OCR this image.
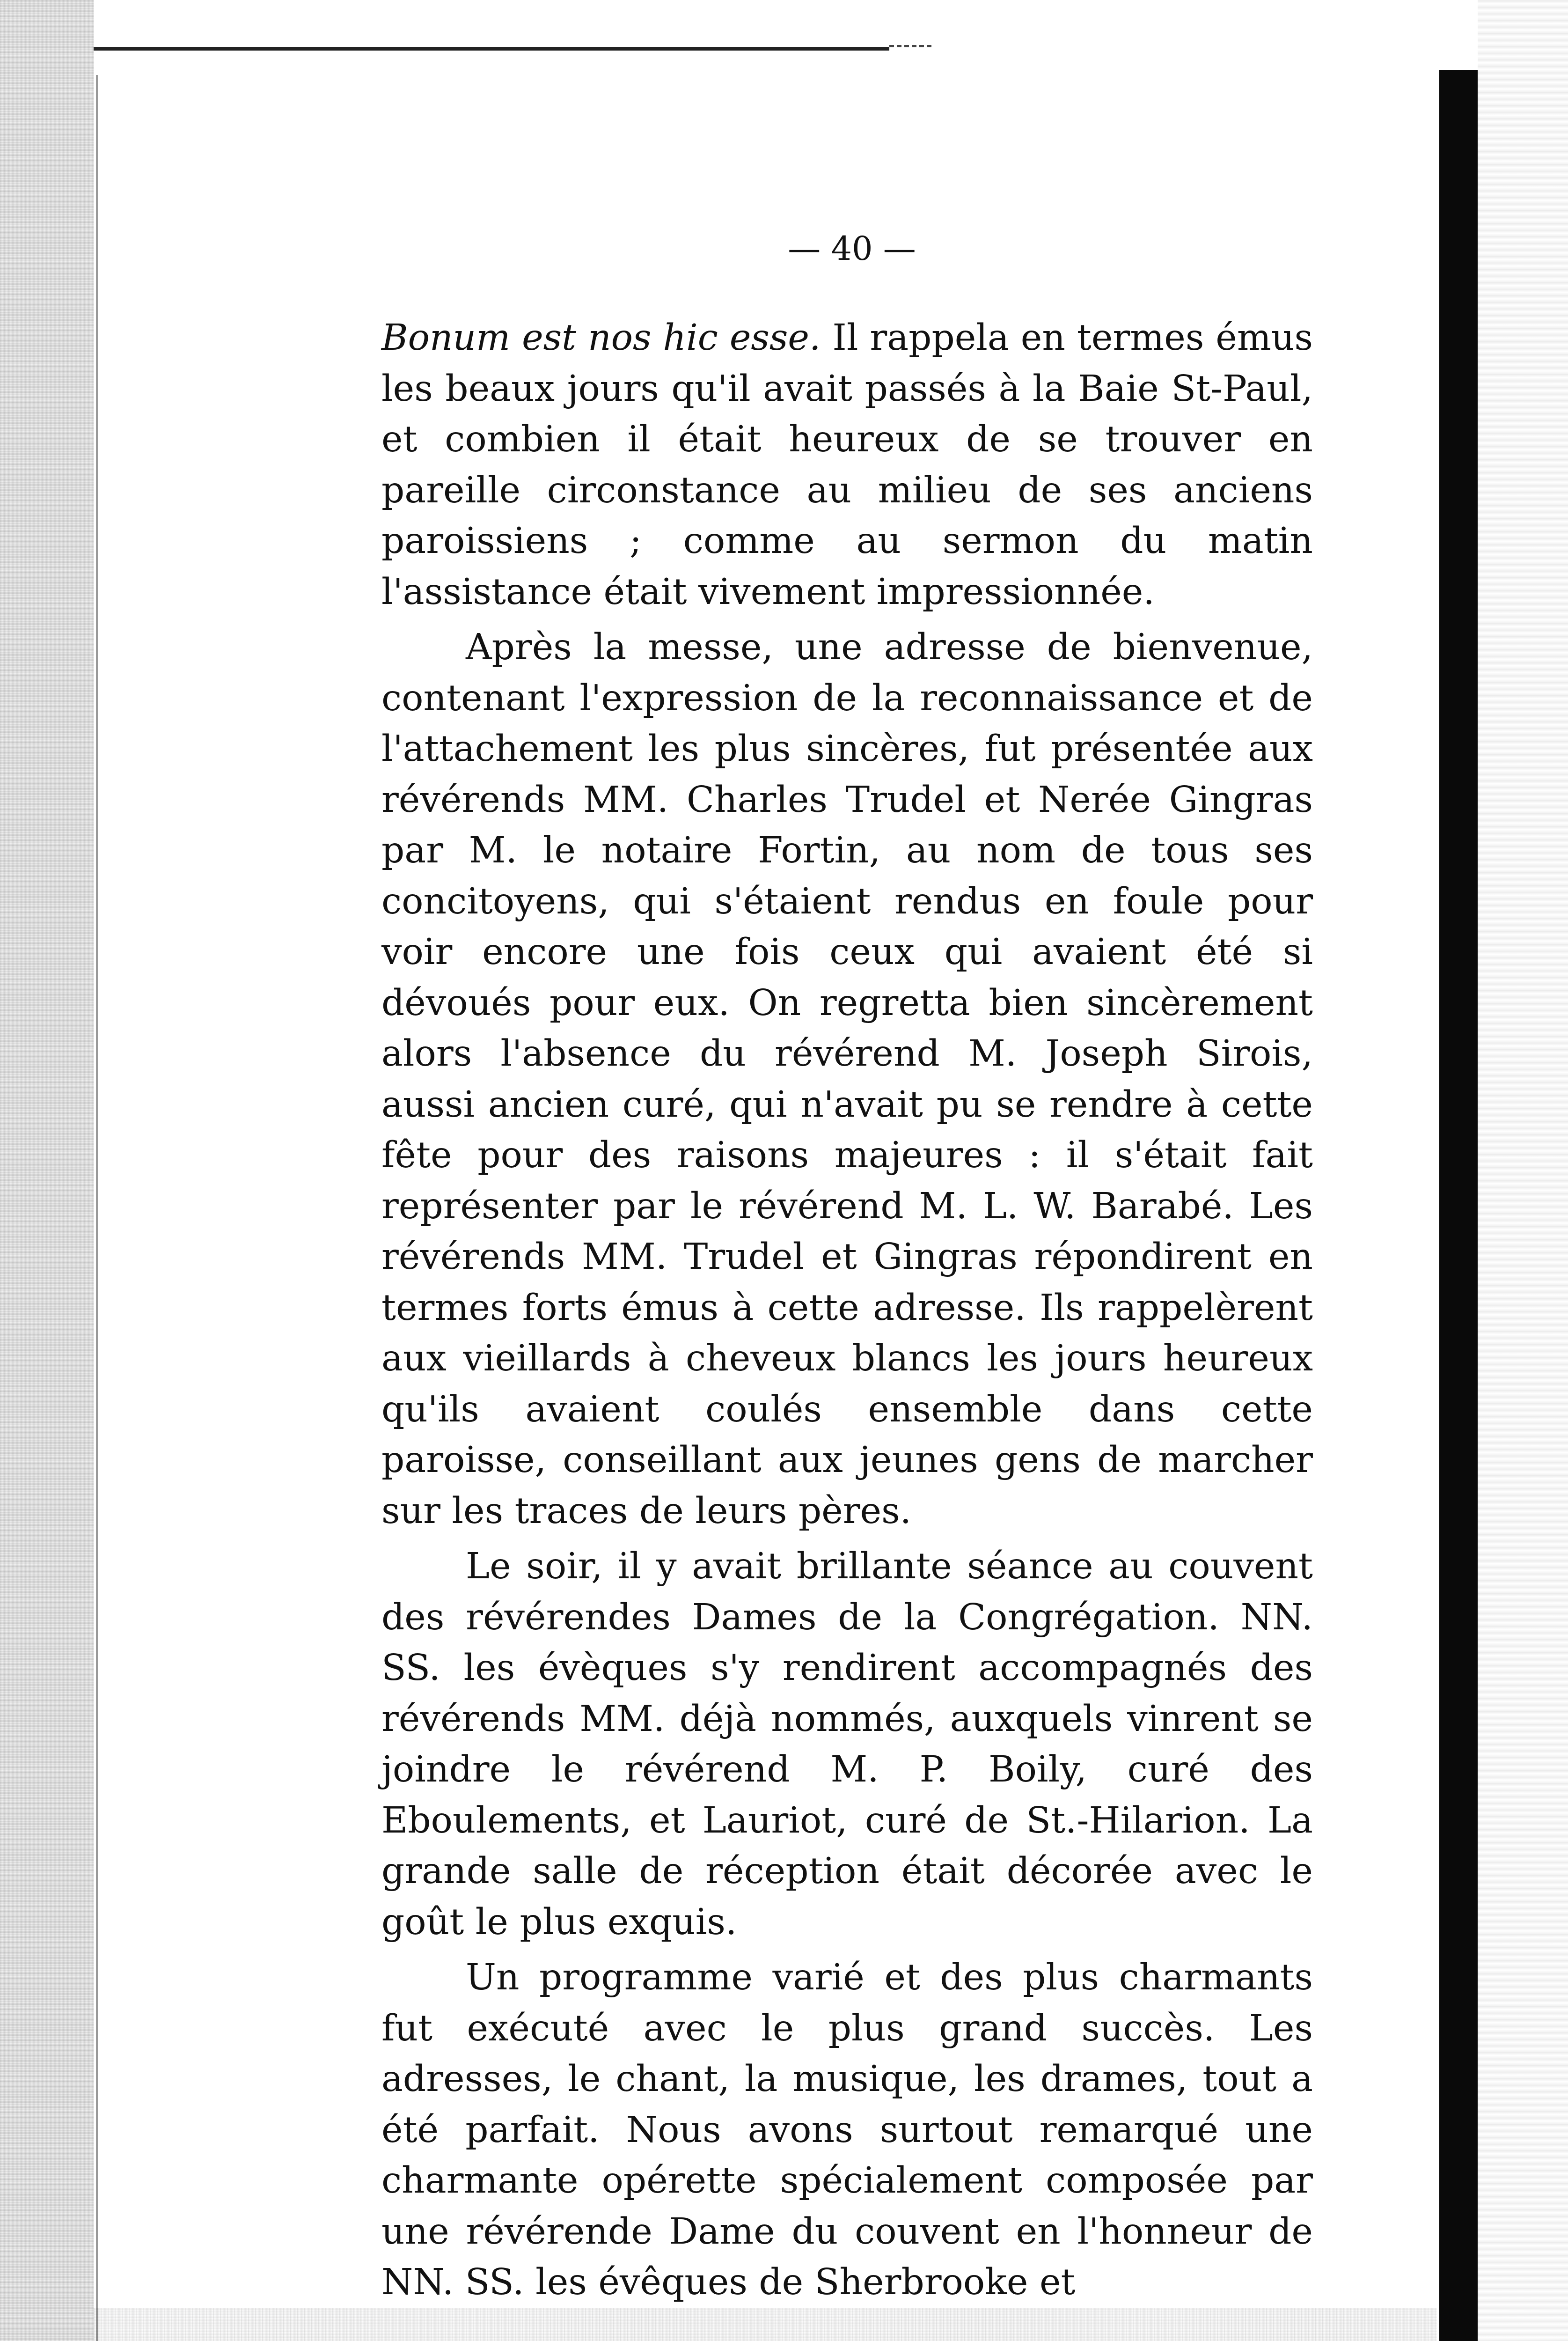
— 40 —

Bonum est nos hic esse. Il rappela en termes émus les beaux jours qu'il avait passés à la Baie St-Paul, et combien il était heureux de se trouver en pareille circonstance au milieu de ses anciens paroissiens ; comme au sermon du matin l'assistance était vivement impressionnée.

Après la messe, une adresse de bienvenue, contenant l'expression de la reconnaissance et de l'attachement les plus sincères, fut présentée aux révérends MM. Charles Trudel et Nerée Gingras par M. le notaire Fortin, au nom de tous ses concitoyens, qui s'étaient rendus en foule pour voir encore une fois ceux qui avaient été si dévoués pour eux. On regretta bien sincèrement alors l'absence du révérend M. Joseph Sirois, aussi ancien curé, qui n'avait pu se rendre à cette fête pour des raisons majeures : il s'était fait représenter par le révérend M. L. W. Barabé. Les révérends MM. Trudel et Gingras répondirent en termes forts émus à cette adresse. Ils rappelèrent aux vieillards à cheveux blancs les jours heureux qu'ils avaient coulés ensemble dans cette paroisse, conseillant aux jeunes gens de marcher sur les traces de leurs pères.

Le soir, il y avait brillante séance au couvent des révérendes Dames de la Congrégation. NN. SS. les évèques s'y rendirent accompagnés des révérends MM. déjà nommés, auxquels vinrent se joindre le révérend M. P. Boily, curé des Eboulements, et Lauriot, curé de St.-Hilarion. La grande salle de réception était décorée avec le goût le plus exquis.

Un programme varié et des plus charmants fut exécuté avec le plus grand succès. Les adresses, le chant, la musique, les drames, tout a été parfait. Nous avons surtout remarqué une charmante opérette spécialement composée par une révérende Dame du couvent en l'honneur de NN. SS. les évêques de Sherbrooke et
